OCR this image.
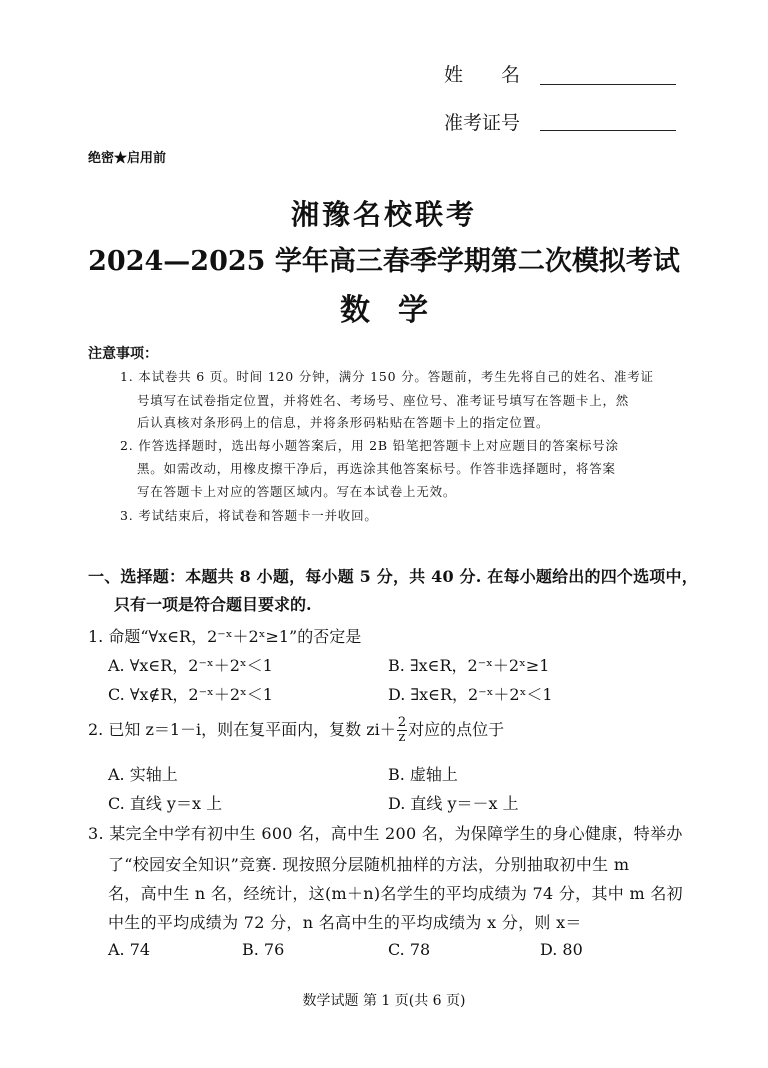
姓　　名
准考证号
绝密★启用前
湘豫名校联考
2024—2025 学年高三春季学期第二次模拟考试
数学
注意事项：
1. 本试卷共 6 页。时间 120 分钟，满分 150 分。答题前，考生先将自己的姓名、准考证
号填写在试卷指定位置，并将姓名、考场号、座位号、准考证号填写在答题卡上，然
后认真核对条形码上的信息，并将条形码粘贴在答题卡上的指定位置。
2. 作答选择题时，选出每小题答案后，用 2B 铅笔把答题卡上对应题目的答案标号涂
黑。如需改动，用橡皮擦干净后，再选涂其他答案标号。作答非选择题时，将答案
写在答题卡上对应的答题区域内。写在本试卷上无效。
3. 考试结束后，将试卷和答题卡一并收回。
一、选择题：本题共 8 小题，每小题 5 分，共 40 分. 在每小题给出的四个选项中，
只有一项是符合题目要求的.
1. 命题“∀x∈R，2⁻ˣ＋2ˣ≥1”的否定是
A. ∀x∈R，2⁻ˣ＋2ˣ＜1	B. ∃x∈R，2⁻ˣ＋2ˣ≥1
C. ∀x∉R，2⁻ˣ＋2ˣ＜1	D. ∃x∈R，2⁻ˣ＋2ˣ＜1
2. 已知 z＝1－i，则在复平面内，复数 $zi+ \frac{2}{z}$ 对应的点位于
A. 实轴上	B. 虚轴上
C. 直线 y＝x 上	D. 直线 y＝－x 上
3. 某完全中学有初中生 600 名，高中生 200 名，为保障学生的身心健康，特举办
了“校园安全知识”竞赛. 现按照分层随机抽样的方法，分别抽取初中生 m
名，高中生 n 名，经统计，这(m＋n)名学生的平均成绩为 74 分，其中 m 名初
中生的平均成绩为 72 分，n 名高中生的平均成绩为 x 分，则 x＝
A. 74	B. 76	C. 78	D. 80
数学试题 第 1 页(共 6 页)
